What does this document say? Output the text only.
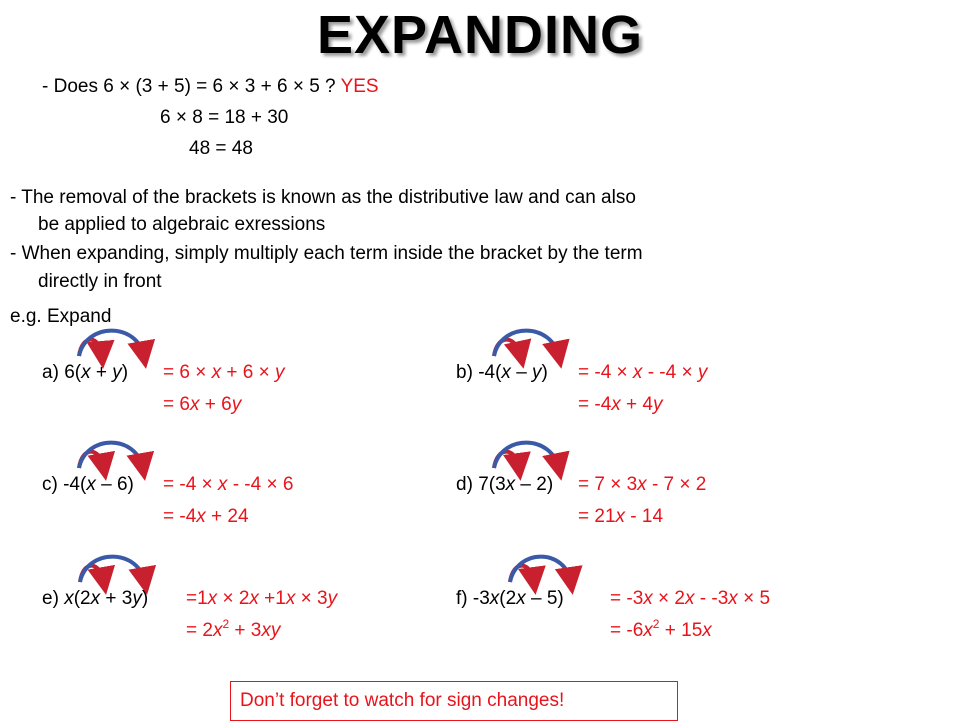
EXPANDING
- Does 6 × (3 + 5) = 6 × 3 + 6 × 5 ? YES
6 × 8 = 18 + 30
48 = 48
- The removal of the brackets is known as the distributive law and can also
be applied to algebraic exressions
- When expanding, simply multiply each term inside the bracket by the term
directly in front
e.g. Expand
a) 6(x + y) = 6 × x + 6 × y
= 6x + 6y
b) -4(x – y) = -4 × x - -4 × y
= -4x + 4y
c) -4(x – 6) = -4 × x - -4 × 6
= -4x + 24
d) 7(3x – 2) = 7 × 3x - 7 × 2
= 21x - 14
e) x(2x + 3y) =1x × 2x +1x × 3y
= $2x^2 + 3xy$
f) -3x(2x – 5) = -3x × 2x - -3x × 5
= $-6x^2 + 15x$
Don’t forget to watch for sign changes!
